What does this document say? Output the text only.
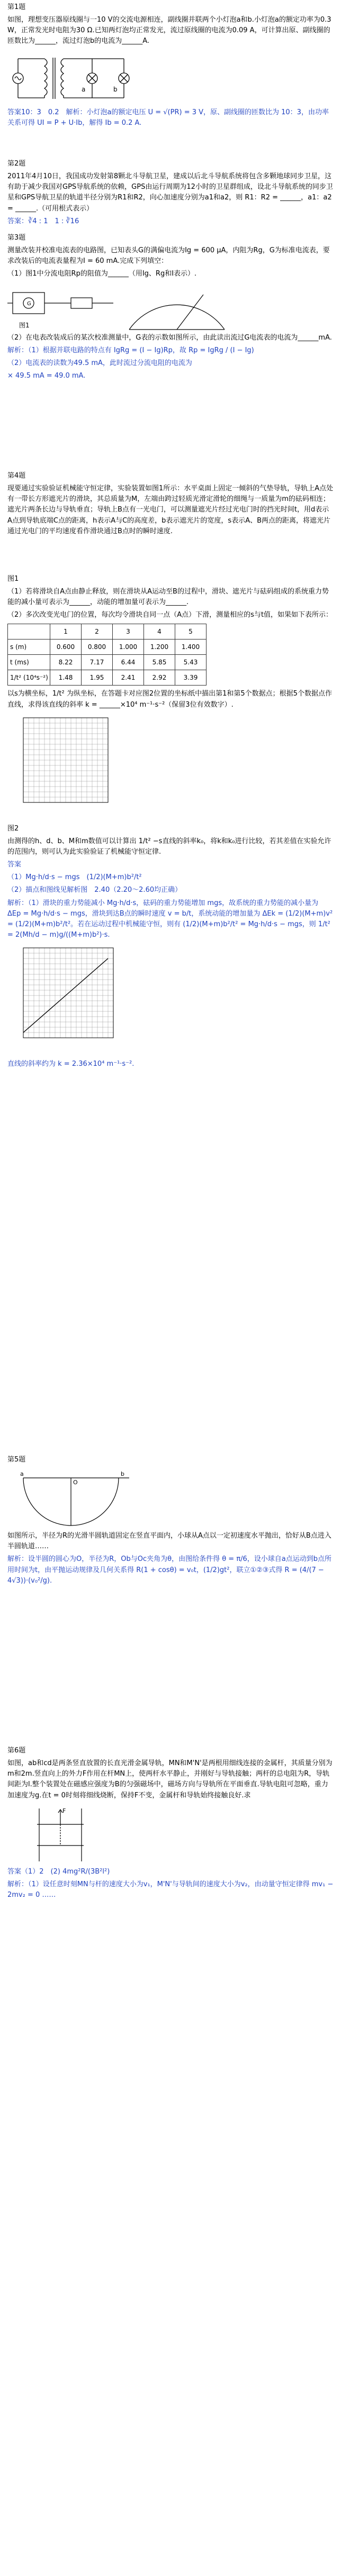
第1题

如图，理想变压器原线圈与一10 V的交流电源相连，副线圈并联两个小灯泡a和b.小灯泡a的额定功率为0.3 W，正常发光时电阻为30 Ω.已知两灯泡均正常发光，流过原线圈的电流为0.09 A，可计算出原、副线圈的匝数比为______，流过灯泡b的电流为______A.

a	b

答案10：3　0.2　解析：小灯泡a的额定电压 U = √(PR) = 3 V，原、副线圈的匝数比为 10：3，由功率关系可得 UI = P + U·Ib，解得 Ib = 0.2 A.

第2题

2011年4月10日，我国成功发射第8颗北斗导航卫星，建成以后北斗导航系统将包含多颗地球同步卫星，这有助于减少我国对GPS导航系统的依赖，GPS由运行周期为12小时的卫星群组成，设北斗导航系统的同步卫星和GPS导航卫星的轨道半径分别为R1和R2，向心加速度分别为a1和a2，则 R1：R2 = ______，a1：a2 = ______.（可用根式表示）

答案：∛4 : 1　1 : ∛16

第3题

测量改装并校准电流表的电路图，已知表头G的满偏电流为Ig = 600 μA，内阻为Rg，G为标准电流表，要求改装后的电流表量程为I = 60 mA.完成下列填空：

（1）图1中分流电阻Rp的阻值为______（用Ig、Rg和I表示）.

G
图1

（2）在电表改装成后的某次校准测量中，G表的示数如图所示，由此读出流过G电流表的电流为______mA.

解析：（1）根据并联电路的特点有 IgRg = (I − Ig)Rp，故 Rp = IgRg / (I − Ig)

（2）电流表的读数为49.5 mA，此时流过分流电阻的电流为

× 49.5 mA = 49.0 mA.

第4题

现要通过实验验证机械能守恒定律，实验装置如图1所示：水平桌面上固定一倾斜的气垫导轨，导轨上A点处有一带长方形遮光片的滑块，其总质量为M，左端由跨过轻质光滑定滑轮的细绳与一质量为m的砝码相连；遮光片两条长边与导轨垂直；导轨上B点有一光电门，可以测量遮光片经过光电门时的挡光时间t，用d表示A点到导轨底端C点的距离，h表示A与C的高度差，b表示遮光片的宽度，s表示A、B两点的距离，将遮光片通过光电门的平均速度看作滑块通过B点时的瞬时速度.

图1

（1）若将滑块自A点由静止释放，则在滑块从A运动至B的过程中，滑块、遮光片与砝码组成的系统重力势能的减小量可表示为______，动能的增加量可表示为______.

（2）多次改变光电门的位置，每次均令滑块自同一点（A点）下滑，测量相应的s与t值，如果如下表所示：

	1	2	3	4	5
s (m)	0.600	0.800	1.000	1.200	1.400
t (ms)	8.22	7.17	6.44	5.85	5.43
1/t² (10⁴s⁻²)	1.48	1.95	2.41	2.92	3.39

以s为横坐标，1/t² 为纵坐标，在答题卡对应图2位置的坐标纸中描出第1和第5个数据点；根据5个数据点作直线，求得该直线的斜率 k = ______×10⁴ m⁻¹·s⁻²（保留3位有效数字）.

图2

由测得的h、d、b、M和m数值可以计算出 1/t² −s直线的斜率k₀，将k和k₀进行比较，若其差值在实验允许的范围内，则可认为此实验验证了机械能守恒定律.

答案

（1）Mg·h/d·s − mgs　(1/2)(M+m)b²/t²

（2）描点和图线见解析图　2.40（2.20～2.60均正确）

解析：（1）滑块的重力势能减小 Mg·h/d·s，砝码的重力势能增加 mgs，故系统的重力势能的减小量为 ΔEp = Mg·h/d·s − mgs，滑块到达B点的瞬时速度 v = b/t，系统动能的增加量为 ΔEk = (1/2)(M+m)v² = (1/2)(M+m)b²/t²。若在运动过程中机械能守恒，则有 (1/2)(M+m)b²/t² = Mg·h/d·s − mgs，则 1/t² = 2(Mh/d − m)g/((M+m)b²)·s.

直线的斜率约为 k = 2.36×10⁴ m⁻¹·s⁻².

第5题

a	b
O

如图所示，半径为R的光滑半圆轨道固定在竖直平面内，小球从A点以一定初速度水平抛出，恰好从B点进入半圆轨道……

解析：设半圆的圆心为O，半径为R，Ob与Oc夹角为θ，由图给条件得 θ = π/6，设小球自a点运动到b点所用时间为t，由平抛运动规律及几何关系得 R(1 + cosθ) = v₀t，(1/2)gt²，联立①②③式得 R = (4/(7 − 4√3))·(v₀²/g).

第6题

如图，ab和cd是两条竖直放置的长直光滑金属导轨，MN和M'N'是两根用细线连接的金属杆，其质量分别为m和2m.竖直向上的外力F作用在杆MN上，使两杆水平静止，并刚好与导轨接触；两杆的总电阻为R，导轨间距为l.整个装置处在磁感应强度为B的匀强磁场中，磁场方向与导轨所在平面垂直.导轨电阻可忽略，重力加速度为g.在t = 0时刻将细线烧断，保持F不变，金属杆和导轨始终接触良好.求

F

答案（1）2　(2) 4mg²R/(3B²l²)

解析：（1）设任意时刻MN与杆的速度大小为v₁，M'N'与导轨间的速度大小为v₂，由动量守恒定律得 mv₁ − 2mv₂ = 0 ……
